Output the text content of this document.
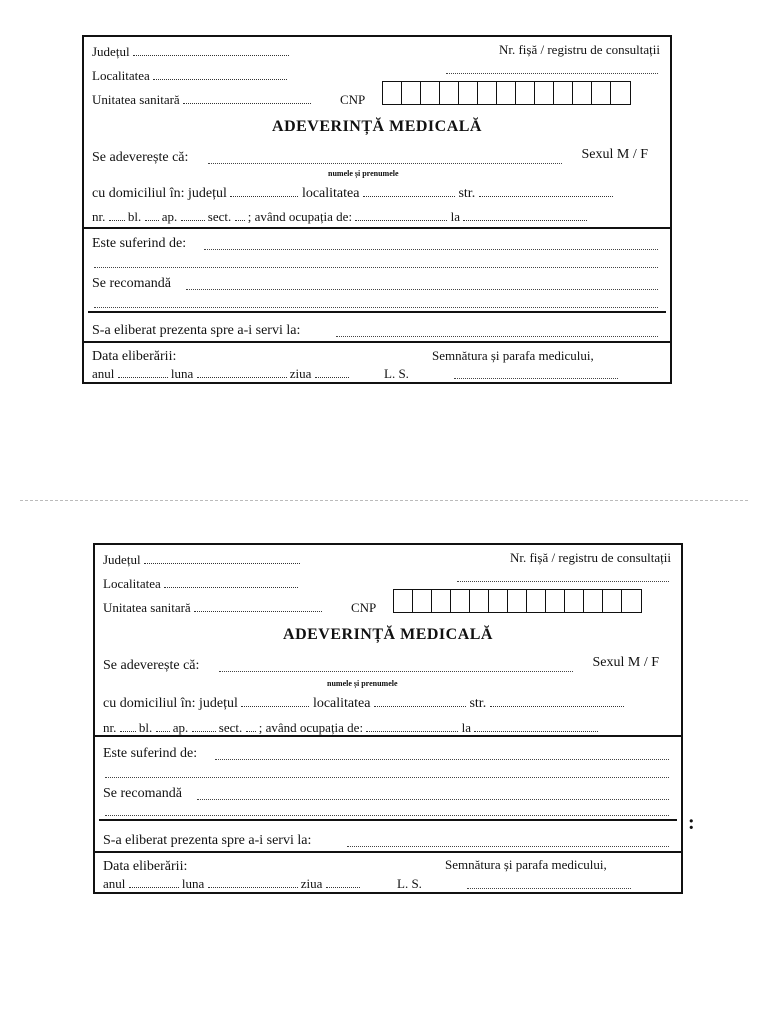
:
Județul	Nr. fișă / registru de consultații
Localitatea
Unitatea sanitară	CNP
ADEVERINȚĂ MEDICALĂ
Se adeverește că:	Sexul M / F
numele și prenumele
cu domiciliul în: județul	localitatea	str.
nr. bl. ap. sect. ; având ocupația de:	la
Este suferind de:
Se recomandă
S-a eliberat prezenta spre a-i servi la:
Data eliberării:	Semnătura și parafa medicului,
anul	luna	ziua	L. S.
Județul	Nr. fișă / registru de consultații
Localitatea
Unitatea sanitară	CNP
ADEVERINȚĂ MEDICALĂ
Se adeverește că:	Sexul M / F
numele și prenumele
cu domiciliul în: județul	localitatea	str.
nr. bl. ap. sect. ; având ocupația de:	la
Este suferind de:
Se recomandă
S-a eliberat prezenta spre a-i servi la:
Data eliberării:	Semnătura și parafa medicului,
anul	luna	ziua	L. S.
